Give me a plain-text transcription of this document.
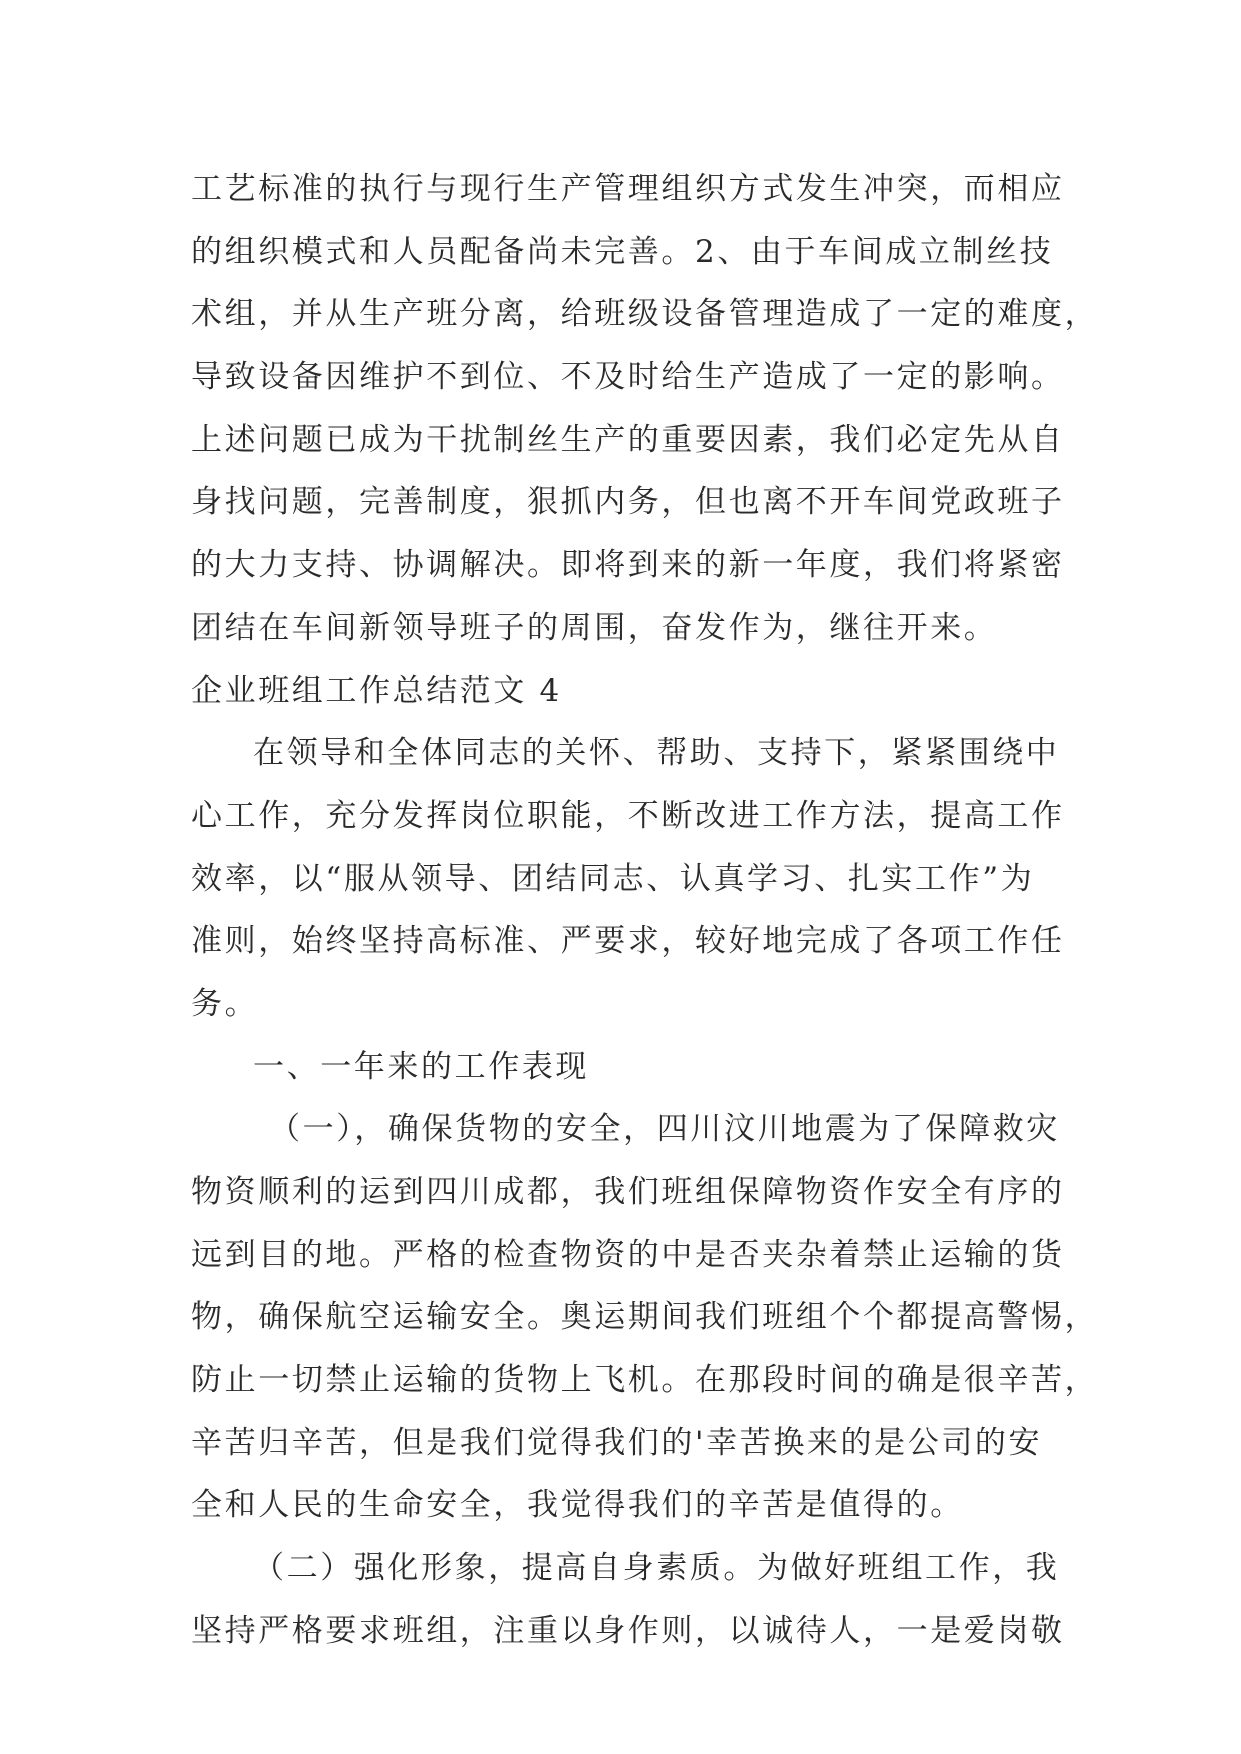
工艺标准的执行与现行生产管理组织方式发生冲突，而相应
的组织模式和人员配备尚未完善。2、由于车间成立制丝技
术组，并从生产班分离，给班级设备管理造成了一定的难度，
导致设备因维护不到位、不及时给生产造成了一定的影响。
上述问题已成为干扰制丝生产的重要因素，我们必定先从自
身找问题，完善制度，狠抓内务，但也离不开车间党政班子
的大力支持、协调解决。即将到来的新一年度，我们将紧密
团结在车间新领导班子的周围，奋发作为，继往开来。
企业班组工作总结范文 4
在领导和全体同志的关怀、帮助、支持下，紧紧围绕中
心工作，充分发挥岗位职能，不断改进工作方法，提高工作
效率，以“服从领导、团结同志、认真学习、扎实工作”为
准则，始终坚持高标准、严要求，较好地完成了各项工作任
务。
一、一年来的工作表现
（一），确保货物的安全，四川汶川地震为了保障救灾
物资顺利的运到四川成都，我们班组保障物资作安全有序的
远到目的地。严格的检查物资的中是否夹杂着禁止运输的货
物，确保航空运输安全。奥运期间我们班组个个都提高警惕，
防止一切禁止运输的货物上飞机。在那段时间的确是很辛苦，
辛苦归辛苦，但是我们觉得我们的'幸苦换来的是公司的安
全和人民的生命安全，我觉得我们的辛苦是值得的。
（二）强化形象，提高自身素质。为做好班组工作，我
坚持严格要求班组，注重以身作则，以诚待人，一是爱岗敬
